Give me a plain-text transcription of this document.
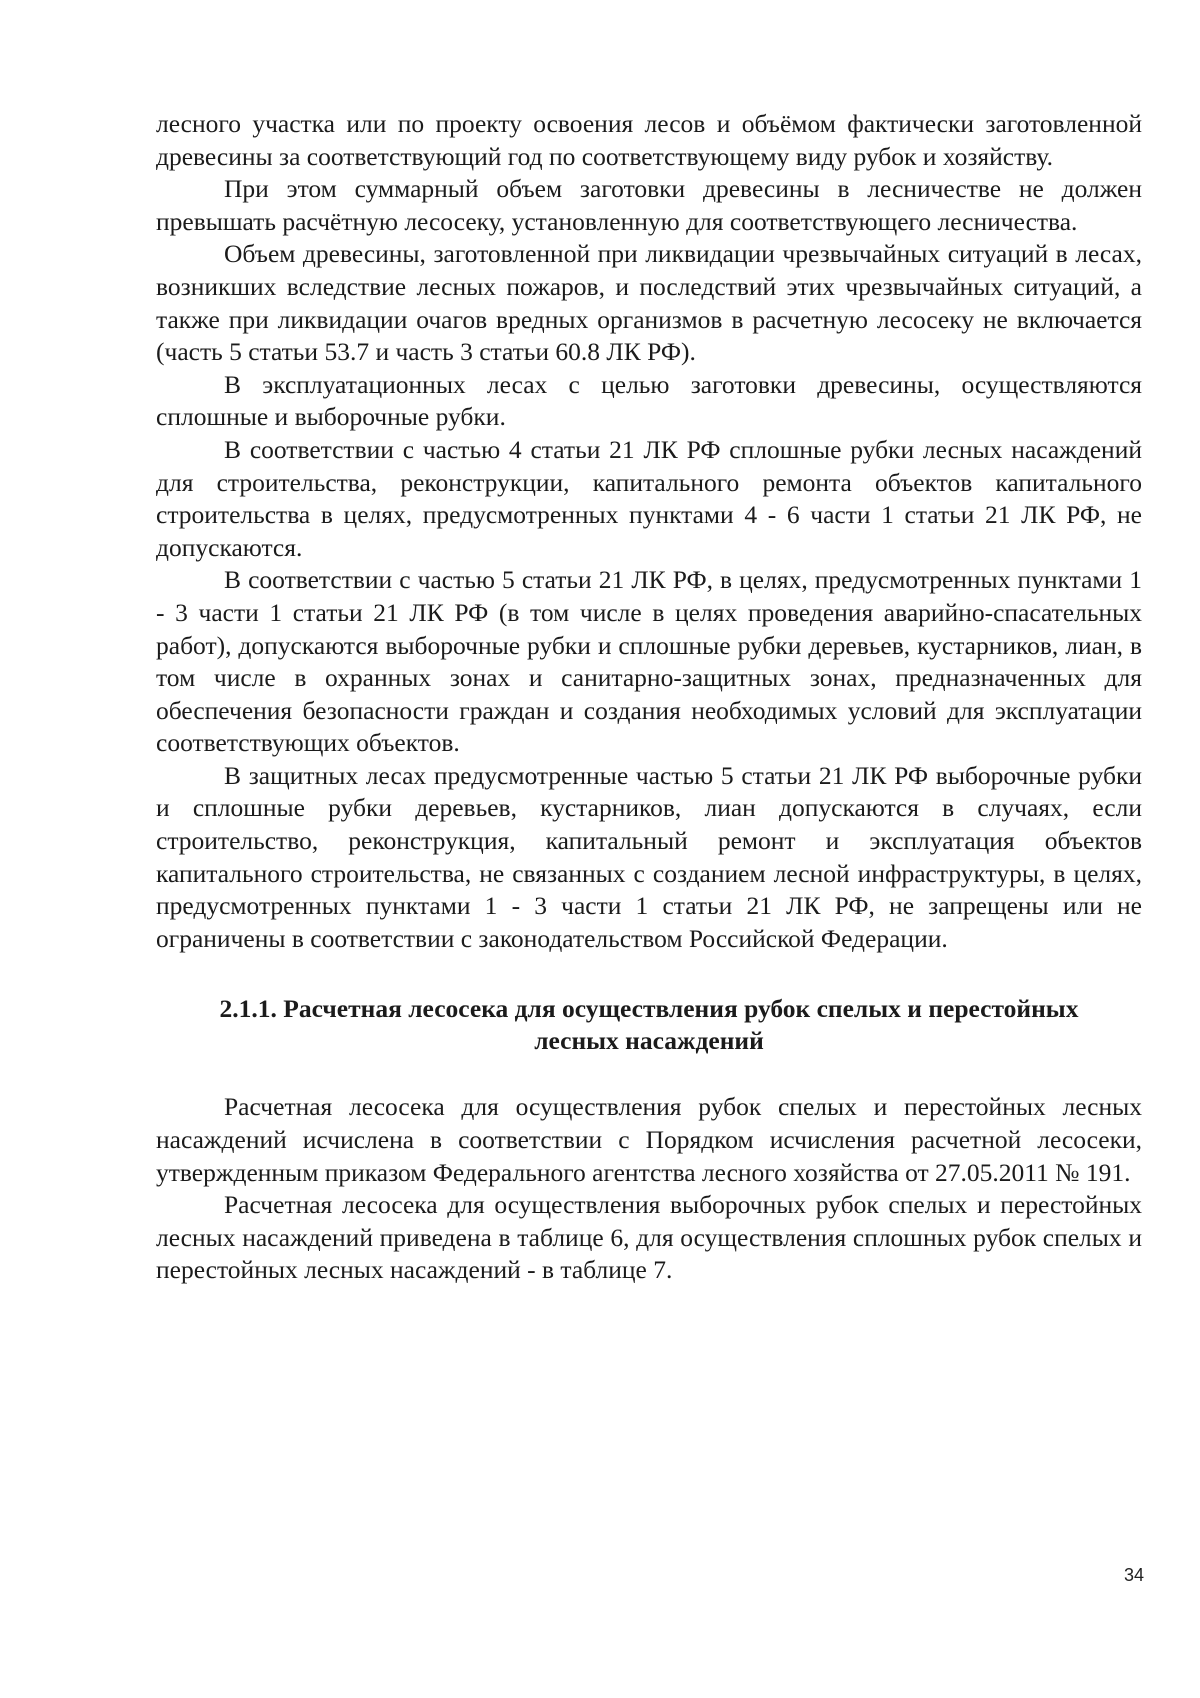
лесного участка или по проекту освоения лесов и объёмом фактически заготовленной древесины за соответствующий год по соответствующему виду рубок и хозяйству.

При этом суммарный объем заготовки древесины в лесничестве не должен превышать расчётную лесосеку, установленную для соответствующего лесничества.

Объем древесины, заготовленной при ликвидации чрезвычайных ситуаций в лесах, возникших вследствие лесных пожаров, и последствий этих чрезвычайных ситуаций, а также при ликвидации очагов вредных организмов в расчетную лесосеку не включается (часть 5 статьи 53.7 и часть 3 статьи 60.8 ЛК РФ).

В эксплуатационных лесах с целью заготовки древесины, осуществляются сплошные и выборочные рубки.

В соответствии с частью 4 статьи 21 ЛК РФ сплошные рубки лесных насаждений для строительства, реконструкции, капитального ремонта объектов капитального строительства в целях, предусмотренных пунктами 4 - 6 части 1 статьи 21 ЛК РФ, не допускаются.

В соответствии с частью 5 статьи 21 ЛК РФ, в целях, предусмотренных пунктами 1 - 3 части 1 статьи 21 ЛК РФ (в том числе в целях проведения аварийно-спасательных работ), допускаются выборочные рубки и сплошные рубки деревьев, кустарников, лиан, в том числе в охранных зонах и санитарно-защитных зонах, предназначенных для обеспечения безопасности граждан и создания необходимых условий для эксплуатации соответствующих объектов.

В защитных лесах предусмотренные частью 5 статьи 21 ЛК РФ выборочные рубки и сплошные рубки деревьев, кустарников, лиан допускаются в случаях, если строительство, реконструкция, капитальный ремонт и эксплуатация объектов капитального строительства, не связанных с созданием лесной инфраструктуры, в целях, предусмотренных пунктами 1 - 3 части 1 статьи 21 ЛК РФ, не запрещены или не ограничены в соответствии с законодательством Российской Федерации.

2.1.1. Расчетная лесосека для осуществления рубок спелых и перестойных
лесных насаждений

Расчетная лесосека для осуществления рубок спелых и перестойных лесных насаждений исчислена в соответствии с Порядком исчисления расчетной лесосеки, утвержденным приказом Федерального агентства лесного хозяйства от 27.05.2011 № 191.

Расчетная лесосека для осуществления выборочных рубок спелых и перестойных лесных насаждений приведена в таблице 6, для осуществления сплошных рубок спелых и перестойных лесных насаждений - в таблице 7.

34
